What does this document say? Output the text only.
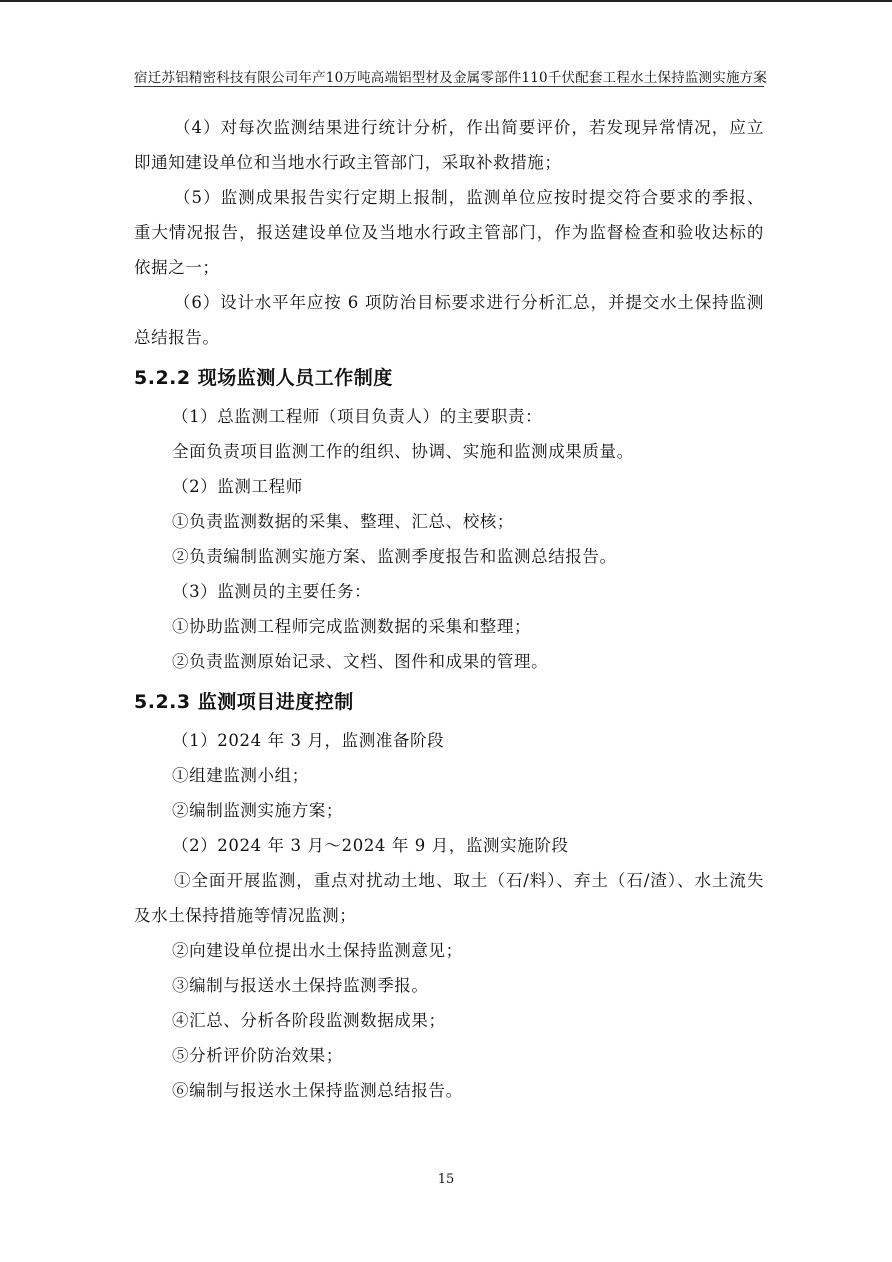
宿迁苏铝精密科技有限公司年产10万吨高端铝型材及金属零部件110千伏配套工程水土保持监测实施方案

（4）对每次监测结果进行统计分析，作出简要评价，若发现异常情况，应立即通知建设单位和当地水行政主管部门，采取补救措施；

（5）监测成果报告实行定期上报制，监测单位应按时提交符合要求的季报、重大情况报告，报送建设单位及当地水行政主管部门，作为监督检查和验收达标的依据之一；

（6）设计水平年应按 6 项防治目标要求进行分析汇总，并提交水土保持监测总结报告。

5.2.2 现场监测人员工作制度

（1）总监测工程师（项目负责人）的主要职责：

全面负责项目监测工作的组织、协调、实施和监测成果质量。

（2）监测工程师

①负责监测数据的采集、整理、汇总、校核；

②负责编制监测实施方案、监测季度报告和监测总结报告。

（3）监测员的主要任务：

①协助监测工程师完成监测数据的采集和整理；

②负责监测原始记录、文档、图件和成果的管理。

5.2.3 监测项目进度控制

（1）2024 年 3 月，监测准备阶段

①组建监测小组；

②编制监测实施方案；

（2）2024 年 3 月～2024 年 9 月，监测实施阶段

①全面开展监测，重点对扰动土地、取土（石/料）、弃土（石/渣）、水土流失及水土保持措施等情况监测；

②向建设单位提出水土保持监测意见；

③编制与报送水土保持监测季报。

④汇总、分析各阶段监测数据成果；

⑤分析评价防治效果；

⑥编制与报送水土保持监测总结报告。

15
